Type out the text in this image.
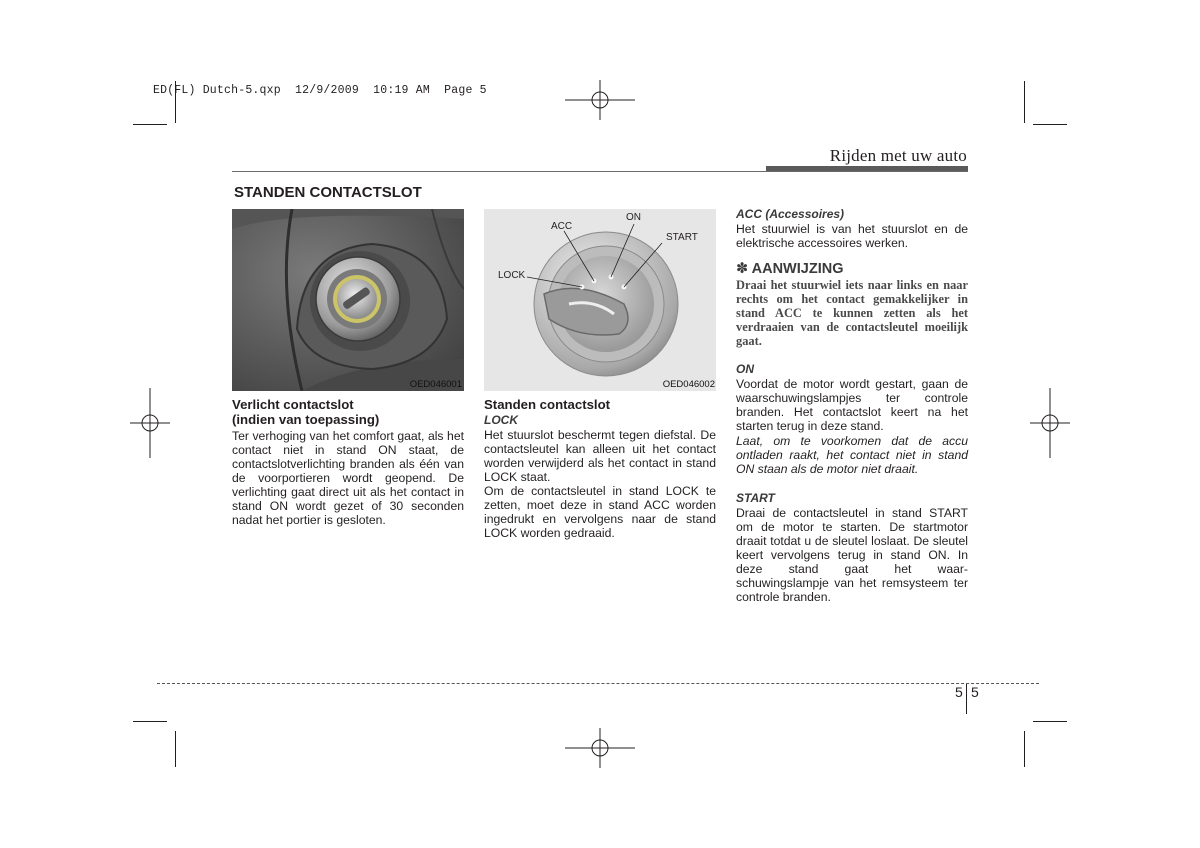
ED(FL) Dutch-5.qxp  12/9/2009  10:19 AM  Page 5
Rijden met uw auto
STANDEN CONTACTSLOT
OED046001
ACC
ON
START
LOCK
OED046002

Verlicht contactslot

(indien van toepassing)

Ter verhoging van het comfort gaat, als het contact niet in stand ON staat, de contactslotverlichting branden als één van de voorportieren wordt geopend. De verlichting gaat direct uit als het contact in stand ON wordt gezet of 30 seconden nadat het portier is gesloten.

Standen contactslot

LOCK

Het stuurslot beschermt tegen diefstal. De contactsleutel kan alleen uit het contact worden verwijderd als het contact in stand LOCK staat.

Om de contactsleutel in stand LOCK te zetten, moet deze in stand ACC worden ingedrukt en vervolgens naar de stand LOCK worden gedraaid.

ACC (Accessoires)

Het stuurwiel is van het stuurslot en de elektrische accessoires werken.

✽ AANWIJZING

Draai het stuurwiel iets naar links en naar rechts om het contact gemakkelijker in stand ACC te kunnen zetten als het verdraaien van de contactsleutel moeilijk gaat.

ON

Voordat de motor wordt gestart, gaan de waarschuwingslampjes ter controle branden. Het contactslot keert na het starten terug in deze stand.

Laat, om te voorkomen dat de accu ontladen raakt, het contact niet in stand ON staan als de motor niet draait.

START

Draai de contactsleutel in stand START om de motor te starten. De startmotor draait totdat u de sleutel loslaat. De sleutel keert vervolgens terug in stand ON. In deze stand gaat het waar-schuwingslampje van het remsysteem ter controle branden.

5 5
